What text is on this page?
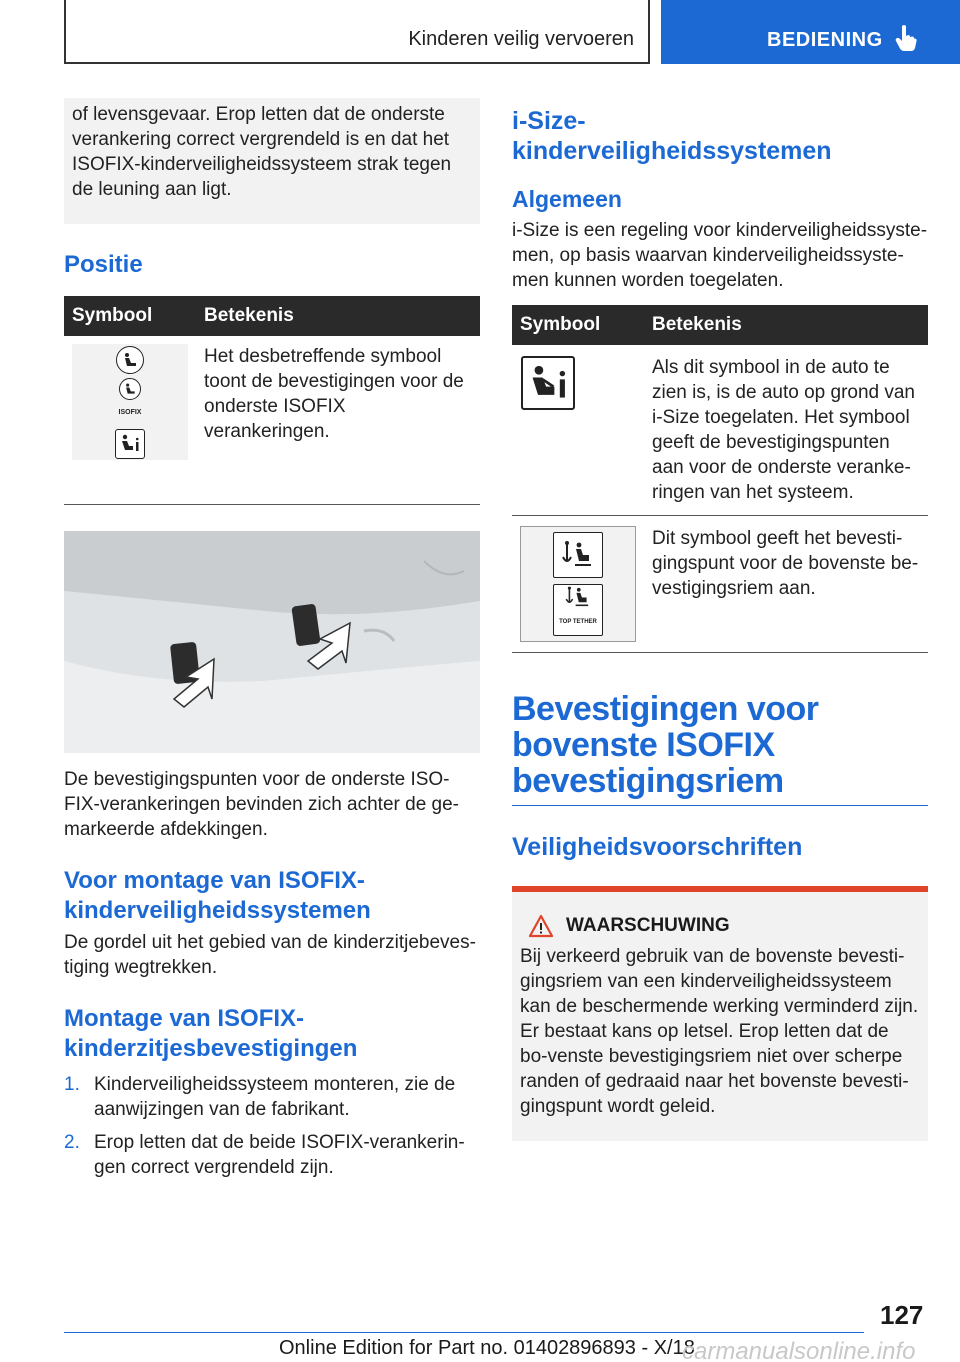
Kinderen veilig vervoeren	BEDIENING

of levensgevaar. Erop letten dat de onderste verankering correct vergrendeld is en dat het ISOFIX-kinderveiligheidssysteem strak tegen de leuning aan ligt.

Positie
Symbool	Betekenis

ISOFIX	Het desbetreffende symbool toont de bevestigingen voor de onderste ISOFIX verankeringen.

De bevestigingspunten voor de onderste ISO-FIX-verankeringen bevinden zich achter de ge-markeerde afdekkingen.

Voor montage van ISOFIX-kinderveiligheidssystemen

De gordel uit het gebied van de kinderzitjebeves-tiging wegtrekken.

Montage van ISOFIX-kinderzitjesbevestigingen
1. Kinderveiligheidssysteem monteren, zie de aanwijzingen van de fabrikant.
2. Erop letten dat de beide ISOFIX-verankerin-gen correct vergrendeld zijn.
i-Size-kinderveiligheidssystemen
Algemeen

i-Size is een regeling voor kinderveiligheidssyste-men, op basis waarvan kinderveiligheidssyste-men kunnen worden toegelaten.

Symbool	Betekenis

	Als dit symbool in de auto te zien is, is de auto op grond van i-Size toegelaten. Het symbool geeft de bevestigingspunten aan voor de onderste veranke-ringen van het systeem.

TOP TETHER	Dit symbool geeft het bevesti-gingspunt voor de bovenste be-vestigingsriem aan.
Bevestigingen voor bovenste ISOFIX bevestigingsriem
Veiligheidsvoorschriften
WAARSCHUWING

Bij verkeerd gebruik van de bovenste bevesti-gingsriem van een kinderveiligheidssysteem kan de beschermende werking verminderd zijn. Er bestaat kans op letsel. Erop letten dat de bo-venste bevestigingsriem niet over scherpe randen of gedraaid naar het bovenste bevesti-gingspunt wordt geleid.

127
Online Edition for Part no. 01402896893 - X/18
carmanualsonline.info
